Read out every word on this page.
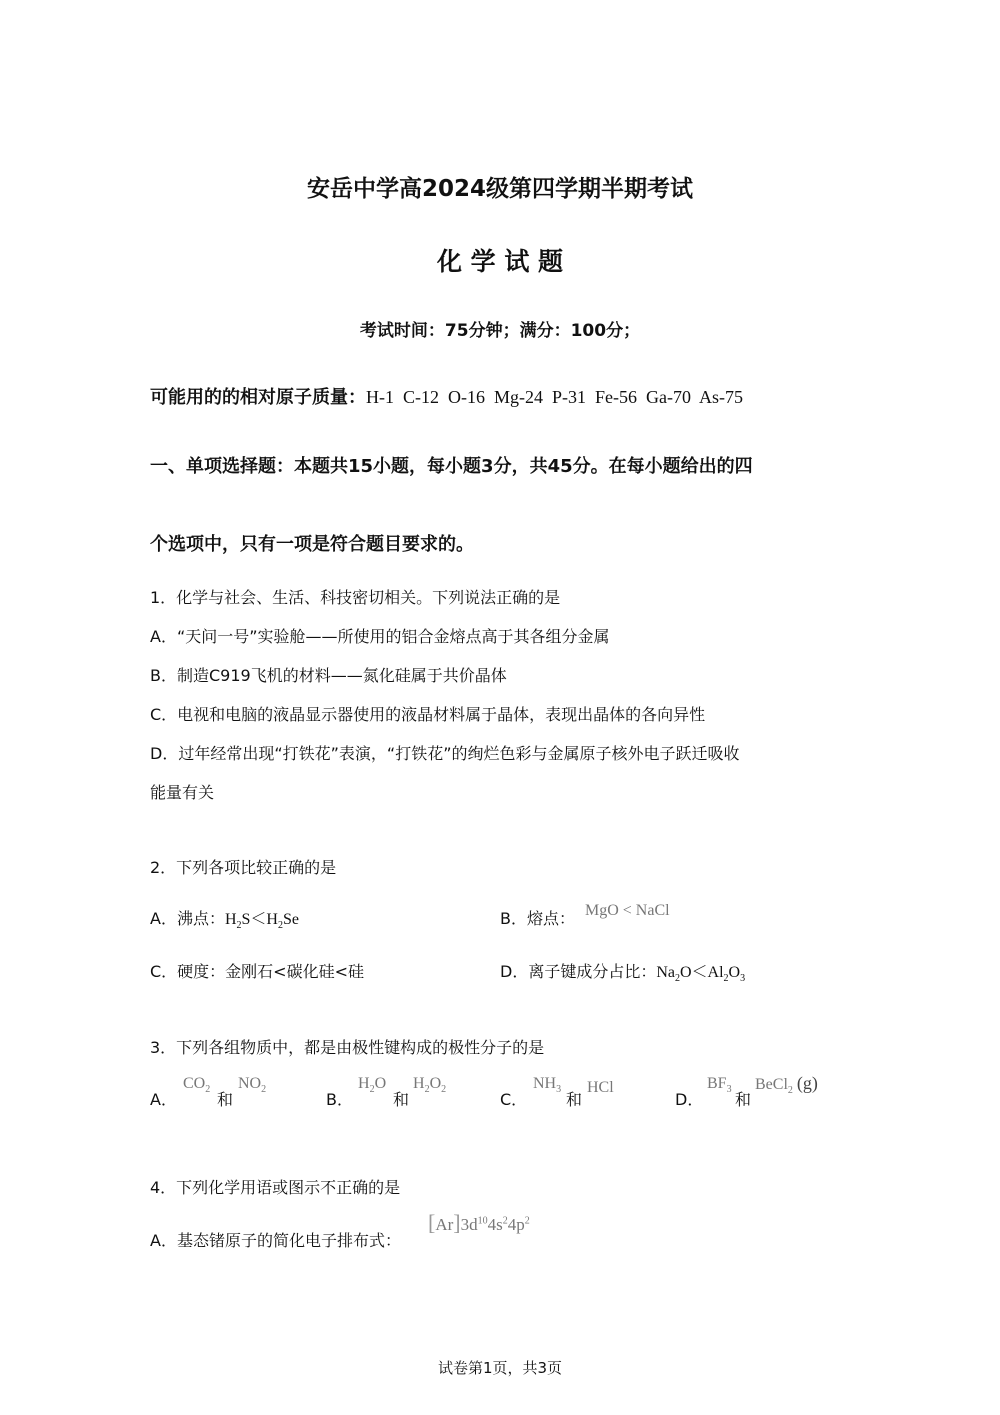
安岳中学高2024级第四学期半期考试
化 学 试 题
考试时间：75分钟；满分：100分；
可能用的的相对原子质量：H-1  C-12  O-16  Mg-24  P-31  Fe-56  Ga-70  As-75
一、单项选择题：本题共15小题，每小题3分，共45分。在每小题给出的四
个选项中，只有一项是符合题目要求的。
1．化学与社会、生活、科技密切相关。下列说法正确的是
A．“天问一号”实验舱——所使用的铝合金熔点高于其各组分金属
B．制造C919飞机的材料——氮化硅属于共价晶体
C．电视和电脑的液晶显示器使用的液晶材料属于晶体，表现出晶体的各向异性
D．过年经常出现“打铁花”表演，“打铁花”的绚烂色彩与金属原子核外电子跃迁吸收
能量有关
2．下列各项比较正确的是
A．沸点：$H_2S<H_2Se$	B．熔点： MgO < NaCl
C．硬度：金刚石<碳化硅<硅	D．离子键成分占比：$Na_2O<Al_2O_3$
3．下列各组物质中，都是由极性键构成的极性分子的是
A．
$CO_2$
和
$NO_2$
B．
$H_2O$
和
$H_2O_2$
C．
$NH_3$
和
HCl
D．
$BF_3$
和
BeCl$_2$ (g)
4．下列化学用语或图示不正确的是
A．基态锗原子的简化电子排布式：
$[Ar]3d^{10}4s^24p^2$
试卷第1页，共3页
